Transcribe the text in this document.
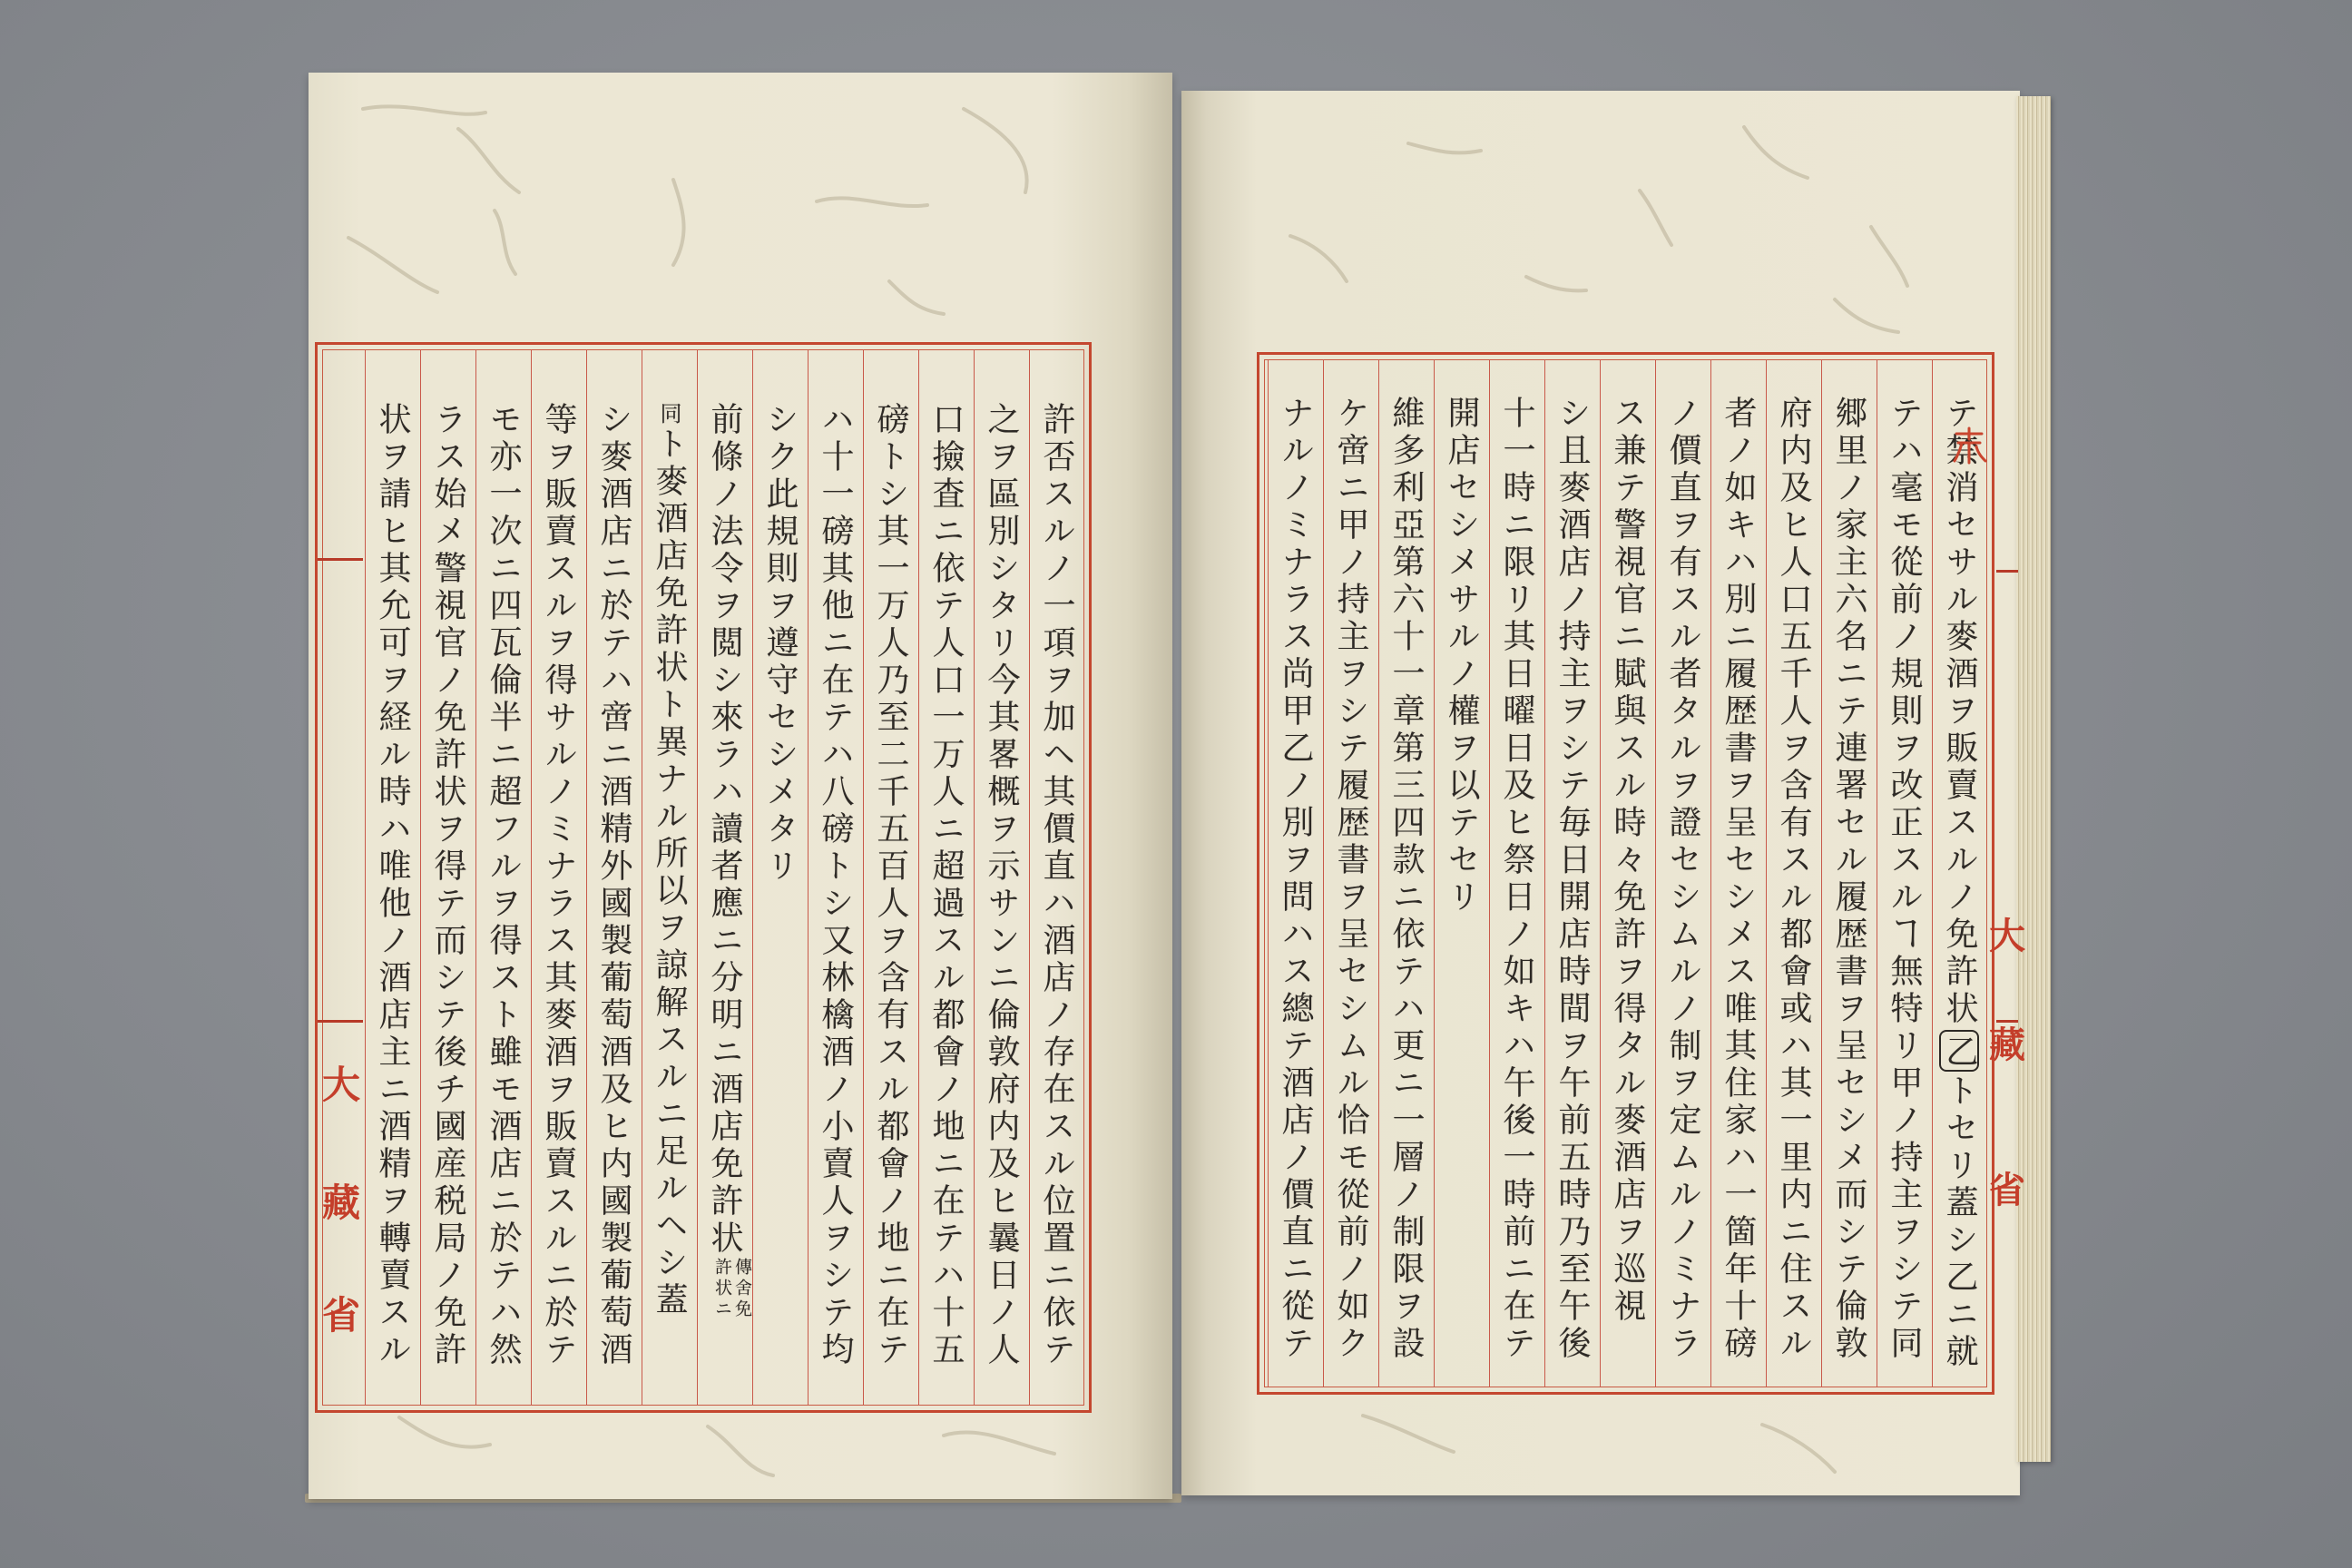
大
藏
省	許否スルノ一項ヲ加ヘ其價直ハ酒店ノ存在スル位置ニ依テ
之ヲ區別シタリ今其畧概ヲ示サンニ倫敦府内及ヒ曩日ノ人
口撿査ニ依テ人口一万人ニ超過スル都會ノ地ニ在テハ十五
磅トシ其一万人乃至二千五百人ヲ含有スル都會ノ地ニ在テ
ハ十一磅其他ニ在テハ八磅トシ又林檎酒ノ小賣人ヲシテ均
シク此規則ヲ遵守セシメタリ
前條ノ法令ヲ閲シ來ラハ讀者應ニ分明ニ酒店免許状
傳舍免
許状ニ
同ト麥酒店免許状ト異ナル所以ヲ諒解スルニ足ルヘシ蓋
シ麥酒店ニ於テハ啻ニ酒精外國製葡萄酒及ヒ内國製葡萄酒
等ヲ販賣スルヲ得サルノミナラス其麥酒ヲ販賣スルニ於テ
モ亦一次ニ四瓦倫半ニ超フルヲ得スト雖モ酒店ニ於テハ然
ラス始メ警視官ノ免許状ヲ得テ而シテ後チ國産税局ノ免許
状ヲ請ヒ其允可ヲ経ル時ハ唯他ノ酒店主ニ酒精ヲ轉賣スル	テ禁消セサル麥酒ヲ販賣スルノ免許状乙トセリ蓋シ乙ニ就
テハ毫モ從前ノ規則ヲ改正スルヿ無特リ甲ノ持主ヲシテ同
郷里ノ家主六名ニテ連署セル履歴書ヲ呈セシメ而シテ倫敦
府内及ヒ人口五千人ヲ含有スル都會或ハ其一里内ニ住スル
者ノ如キハ別ニ履歴書ヲ呈セシメス唯其住家ハ一箇年十磅
ノ價直ヲ有スル者タルヲ證セシムルノ制ヲ定ムルノミナラ
ス兼テ警視官ニ賦與スル時々免許ヲ得タル麥酒店ヲ巡視
シ且麥酒店ノ持主ヲシテ毎日開店時間ヲ午前五時乃至午後
十一時ニ限リ其日曜日及ヒ祭日ノ如キハ午後一時前ニ在テ
開店セシメサルノ權ヲ以テセリ
維多利亞第六十一章第三四款ニ依テハ更ニ一層ノ制限ヲ設
ケ啻ニ甲ノ持主ヲシテ履歴書ヲ呈セシムル恰モ從前ノ如ク
ナルノミナラス尚甲乙ノ別ヲ問ハス總テ酒店ノ價直ニ從テ	大
藏
省
